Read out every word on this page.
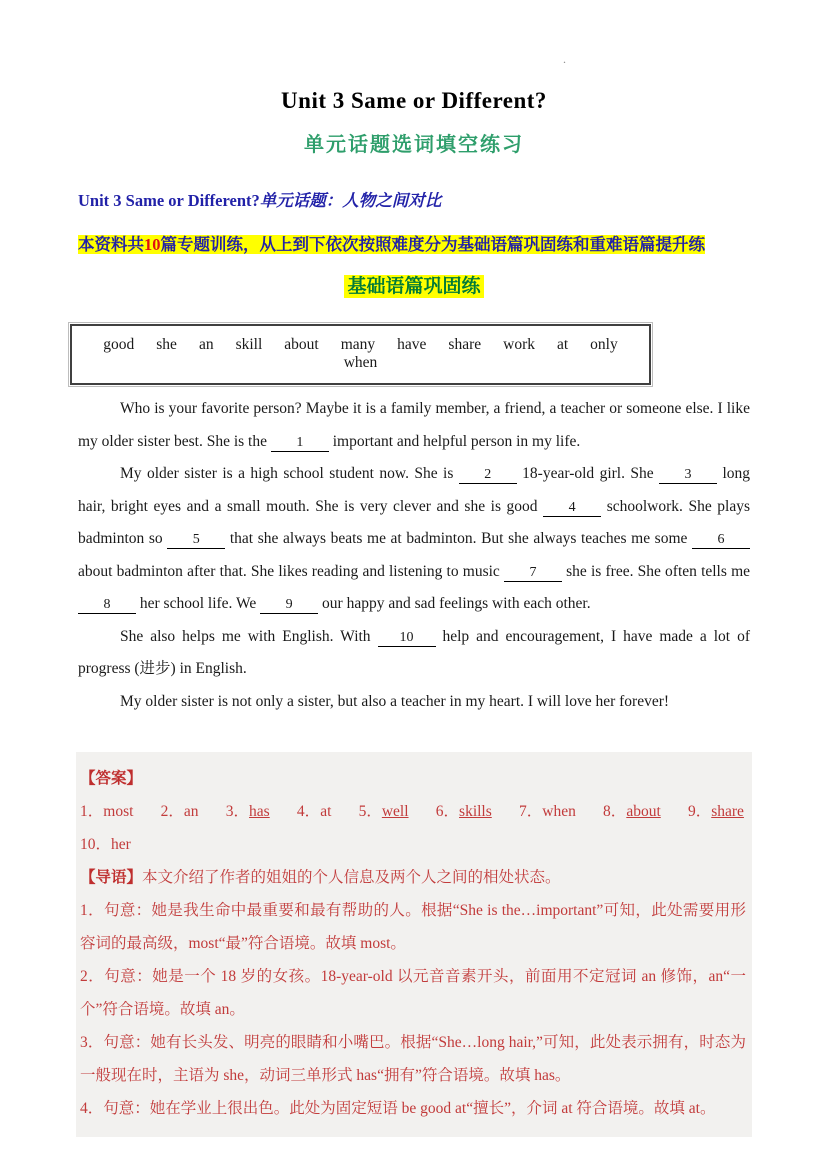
.
Unit 3 Same or Different?
单元话题选词填空练习
Unit 3 Same or Different?单元话题：人物之间对比
本资料共10篇专题训练，从上到下依次按照难度分为基础语篇巩固练和重难语篇提升练
基础语篇巩固练
good she an skill about many have share work at onlywhen

Who is your favorite person? Maybe it is a family member, a friend, a teacher or someone else. I like my older sister best. She is the 1 important and helpful person in my life.

My older sister is a high school student now. She is 2 18-year-old girl. She 3 long hair, bright eyes and a small mouth. She is very clever and she is good 4 schoolwork. She plays badminton so 5 that she always beats me at badminton. But she always teaches me some 6 about badminton after that. She likes reading and listening to music 7 she is free. She often tells me 8 her school life. We 9 our happy and sad feelings with each other.

She also helps me with English. With 10 help and encouragement, I have made a lot of progress (进步) in English.

My older sister is not only a sister, but also a teacher in my heart. I will love her forever!

【答案】

1．most 2．an 3．has 4．at 5．well 6．skills 7．when 8．about 9．share

10．her

【导语】本文介绍了作者的姐姐的个人信息及两个人之间的相处状态。

1．句意：她是我生命中最重要和最有帮助的人。根据“She is the…important”可知，此处需要用形容词的最高级，most“最”符合语境。故填 most。

2．句意：她是一个 18 岁的女孩。18-year-old 以元音音素开头，前面用不定冠词 an 修饰，an“一个”符合语境。故填 an。

3．句意：她有长头发、明亮的眼睛和小嘴巴。根据“She…long hair,”可知，此处表示拥有，时态为一般现在时，主语为 she，动词三单形式 has“拥有”符合语境。故填 has。

4．句意：她在学业上很出色。此处为固定短语 be good at“擅长”，介词 at 符合语境。故填 at。
